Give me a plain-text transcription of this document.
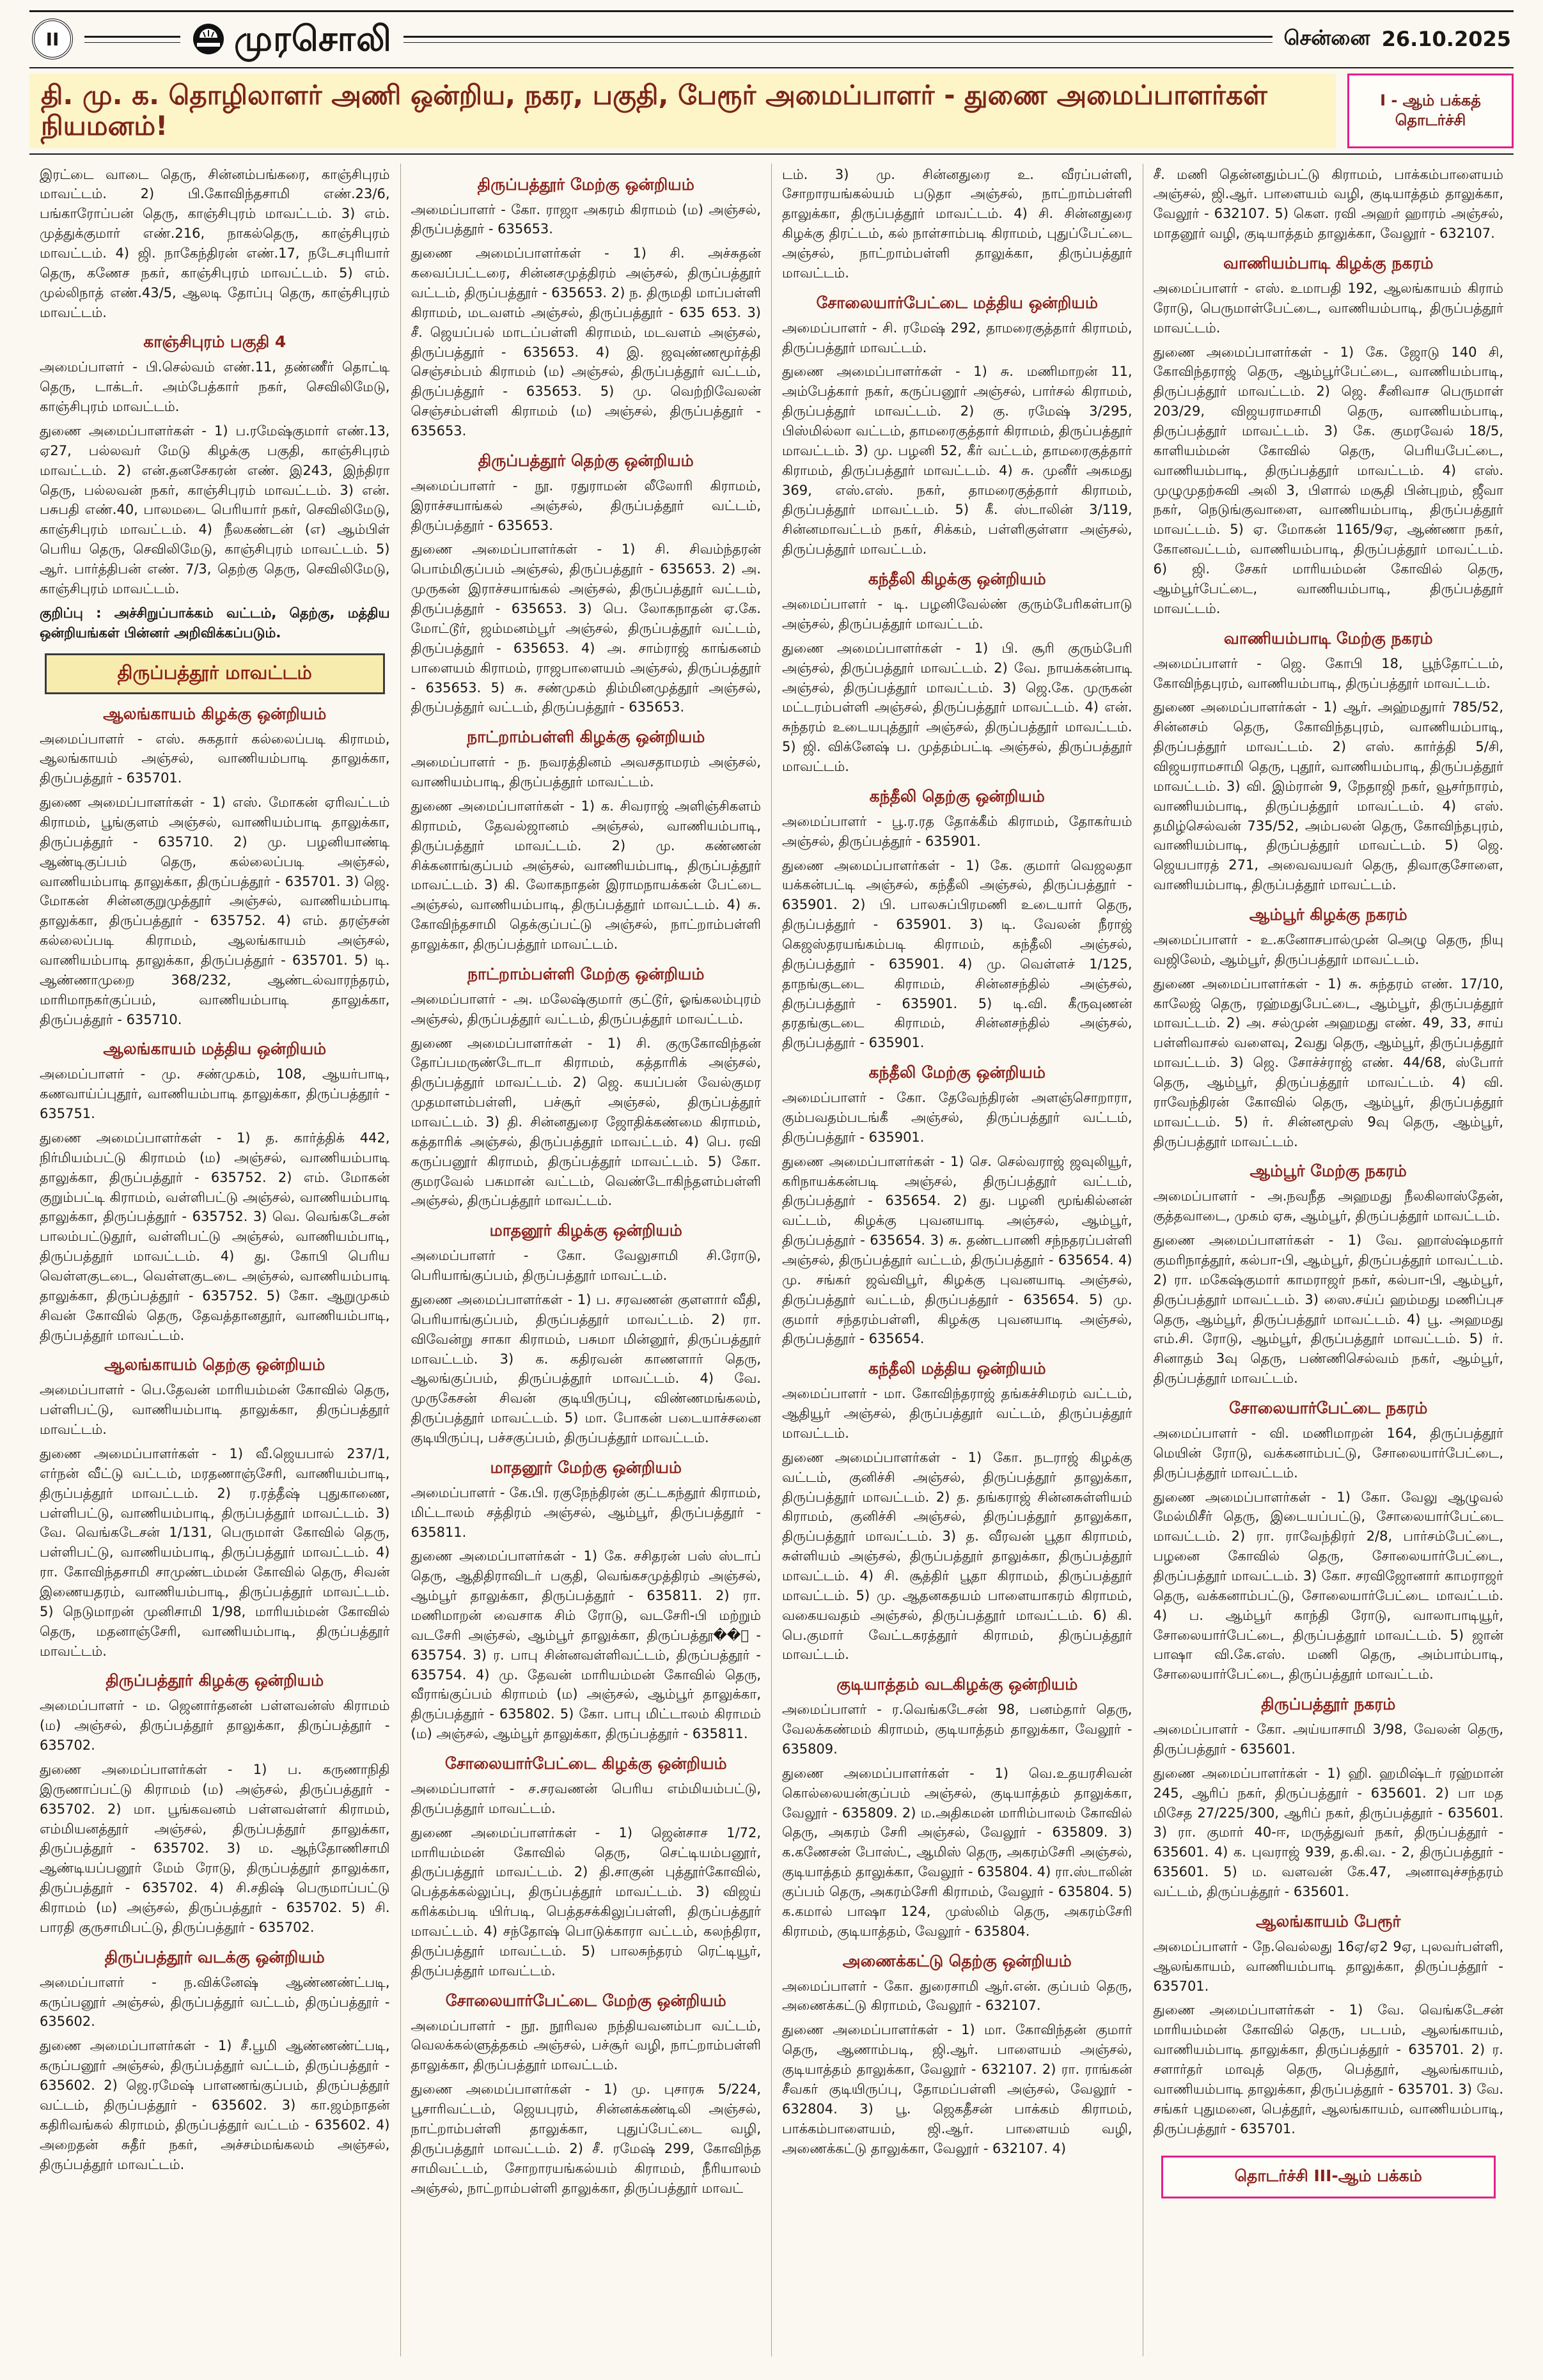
II	முரசொலி	சென்னை 26.10.2025
தி. மு. க. தொழிலாளர் அணி ஒன்றிய, நகர, பகுதி, பேரூர் அமைப்பாளர் - துணை அமைப்பாளர்கள் நியமனம்!
I - ஆம் பக்கத் தொடர்ச்சி

இரட்டை வாடை தெரு, சின்னம்பங்கரை, காஞ்சிபுரம் மாவட்டம். 2) பி.கோவிந்தசாமி எண்.23/6, பங்காரோப்பன் தெரு, காஞ்சிபுரம் மாவட்டம். 3) எம். முத்துக்குமார் எண்.216, நாகல்தெரு, காஞ்சிபுரம் மாவட்டம். 4) ஜி. நாகேந்திரன் எண்.17, நடேசபுரியார் தெரு, கணேச நகர், காஞ்சிபுரம் மாவட்டம். 5) எம். முல்லிநாத் எண்.43/5, ஆலடி தோப்பு தெரு, காஞ்சிபுரம் மாவட்டம்.

காஞ்சிபுரம் பகுதி 4

அமைப்பாளர் - பி.செல்வம் எண்.11, தண்ணீர் தொட்டி தெரு, டாக்டர். அம்பேத்கார் நகர், செவிலிமேடு, காஞ்சிபுரம் மாவட்டம்.

துணை அமைப்பாளர்கள் - 1) ப.ரமேஷ்குமார் எண்.13, ஏ27, பல்லவர் மேடு கிழக்கு பகுதி, காஞ்சிபுரம் மாவட்டம். 2) என்.தனசேகரன் எண். இ243, இந்திரா தெரு, பல்லவன் நகர், காஞ்சிபுரம் மாவட்டம். 3) என். பசுபதி எண்.40, பாலமடை பெரியார் நகர், செவிலிமேடு, காஞ்சிபுரம் மாவட்டம். 4) நீலகண்டன் (எ) ஆம்பிள் பெரிய தெரு, செவிலிமேடு, காஞ்சிபுரம் மாவட்டம். 5) ஆர். பார்த்திபன் எண். 7/3, தெற்கு தெரு, செவிலிமேடு, காஞ்சிபுரம் மாவட்டம்.

குறிப்பு : அச்சிறுப்பாக்கம் வட்டம், தெற்கு, மத்திய ஒன்றியங்கள் பின்னர் அறிவிக்கப்படும்.

திருப்பத்தூர் மாவட்டம்
ஆலங்காயம் கிழக்கு ஒன்றியம்

அமைப்பாளர் - எஸ். சுகதார் கல்லைப்படி கிராமம், ஆலங்காயம் அஞ்சல், வாணியம்பாடி தாலுக்கா, திருப்பத்தூர் - 635701.

துணை அமைப்பாளர்கள் - 1) எஸ். மோகன் ஏரிவட்டம் கிராமம், பூங்குளம் அஞ்சல், வாணியம்பாடி தாலுக்கா, திருப்பத்தூர் - 635710. 2) மு. பழனியாண்டி ஆண்டிகுப்பம் தெரு, கல்லைப்படி அஞ்சல், வாணியம்பாடி தாலுக்கா, திருப்பத்தூர் - 635701. 3) ஜெ. மோகன் சின்னகுறுமுத்தூர் அஞ்சல், வாணியம்பாடி தாலுக்கா, திருப்பத்தூர் - 635752. 4) எம். தரஞ்சன் கல்லைப்படி கிராமம், ஆலங்காயம் அஞ்சல், வாணியம்பாடி தாலுக்கா, திருப்பத்தூர் - 635701. 5) டி. ஆண்ணாமுறை 368/232, ஆண்டல்வாரந்தரம், மாரிமாநகர்குப்பம், வாணியம்பாடி தாலுக்கா, திருப்பத்தூர் - 635710.

ஆலங்காயம் மத்திய ஒன்றியம்

அமைப்பாளர் - மு. சண்முகம், 108, ஆயர்பாடி, கணவாய்ப்புதூர், வாணியம்பாடி தாலுக்கா, திருப்பத்தூர் - 635751.

துணை அமைப்பாளர்கள் - 1) த. கார்த்திக் 442, நிர்மியம்பட்டு கிராமம் (ம) அஞ்சல், வாணியம்பாடி தாலுக்கா, திருப்பத்தூர் - 635752. 2) எம். மோகன் குறும்பட்டி கிராமம், வள்ளிபட்டு அஞ்சல், வாணியம்பாடி தாலுக்கா, திருப்பத்தூர் - 635752. 3) வெ. வெங்கடேசன் பாலம்பட்டுதூர், வள்ளிபட்டு அஞ்சல், வாணியம்பாடி, திருப்பத்தூர் மாவட்டம். 4) து. கோபி பெரிய வெள்ளகுடடை, வெள்ளகுடடை அஞ்சல், வாணியம்பாடி தாலுக்கா, திருப்பத்தூர் - 635752. 5) கோ. ஆறுமுகம் சிவன் கோவில் தெரு, தேவத்தானதூர், வாணியம்பாடி, திருப்பத்தூர் மாவட்டம்.

ஆலங்காயம் தெற்கு ஒன்றியம்

அமைப்பாளர் - பெ.தேவன் மாரியம்மன் கோவில் தெரு, பள்ளிபட்டு, வாணியம்பாடி தாலுக்கா, திருப்பத்தூர் மாவட்டம்.

துணை அமைப்பாளர்கள் - 1) வீ.ஜெயபால் 237/1, எர்நன் வீட்டு வட்டம், மரதணாஞ்சேரி, வாணியம்பாடி, திருப்பத்தூர் மாவட்டம். 2) ர.ரத்தீஷ் புதுகாணை, பள்ளிபட்டு, வாணியம்பாடி, திருப்பத்தூர் மாவட்டம். 3) வே. வெங்கடேசன் 1/131, பெருமாள் கோவில் தெரு, பள்ளிபட்டு, வாணியம்பாடி, திருப்பத்தூர் மாவட்டம். 4) ரா. கோவிந்தசாமி சாமுண்டம்மன் கோவில் தெரு, சிவன் இணையதரம், வாணியம்பாடி, திருப்பத்தூர் மாவட்டம். 5) நெடுமாறன் முனிசாமி 1/98, மாரியம்மன் கோவில் தெரு, மதனாஞ்சேரி, வாணியம்பாடி, திருப்பத்தூர் மாவட்டம்.

திருப்பத்தூர் கிழக்கு ஒன்றியம்

அமைப்பாளர் - ம. ஜெனார்தனன் பள்ளவன்ஸ் கிராமம் (ம) அஞ்சல், திருப்பத்தூர் தாலுக்கா, திருப்பத்தூர் - 635702.

துணை அமைப்பாளர்கள் - 1) ப. கருணாநிதி இருணாப்பட்டு கிராமம் (ம) அஞ்சல், திருப்பத்தூர் - 635702. 2) மா. பூங்கவனம் பள்ளவள்ளர் கிராமம், எம்மியனத்தூர் அஞ்சல், திருப்பத்தூர் தாலுக்கா, திருப்பத்தூர் - 635702. 3) ம. ஆந்தோணிசாமி ஆண்டியப்பனூர் மேம் ரோடு, திருப்பத்தூர் தாலுக்கா, திருப்பத்தூர் - 635702. 4) சி.சதிஷ் பெருமாப்பட்டு கிராமம் (ம) அஞ்சல், திருப்பத்தூர் - 635702. 5) சி. பாரதி குருசாமிபட்டு, திருப்பத்தூர் - 635702.

திருப்பத்தூர் வடக்கு ஒன்றியம்

அமைப்பாளர் - ந.விக்னேஷ் ஆண்ணண்ட்படி, கருப்பனூர் அஞ்சல், திருப்பத்தூர் வட்டம், திருப்பத்தூர் - 635602.

துணை அமைப்பாளர்கள் - 1) சீ.பூமி ஆண்ணண்ட்படி, கருப்பனூர் அஞ்சல், திருப்பத்தூர் வட்டம், திருப்பத்தூர் - 635602. 2) ஜெ.ரமேஷ் பாளணங்குப்பம், திருப்பத்தூர் வட்டம், திருப்பத்தூர் - 635602. 3) கா.ஜம்நாதன் கதிரிவங்கல் கிராமம், திருப்பத்தூர் வட்டம் - 635602. 4) அறைதன் சுதீர் நகர், அச்சம்மங்கலம் அஞ்சல், திருப்பத்தூர் மாவட்டம்.

திருப்பத்தூர் மேற்கு ஒன்றியம்

அமைப்பாளர் - கோ. ராஜா அகரம் கிராமம் (ம) அஞ்சல், திருப்பத்தூர் - 635653.

துணை அமைப்பாளர்கள் - 1) சி. அச்சுதன் கவைப்பட்டரை, சின்னசமுத்திரம் அஞ்சல், திருப்பத்தூர் வட்டம், திருப்பத்தூர் - 635653. 2) ந. திருமதி மாப்பள்ளி கிராமம், மடவளம் அஞ்சல், திருப்பத்தூர் - 635 653. 3) சீ. ஜெயப்பல் மாடப்பள்ளி கிராமம், மடவளம் அஞ்சல், திருப்பத்தூர் - 635653. 4) இ. ஜவுண்ணமூர்த்தி செஞ்சம்பம் கிராமம் (ம) அஞ்சல், திருப்பத்தூர் வட்டம், திருப்பத்தூர் - 635653. 5) மு. வெற்றிவேலன் செஞ்சம்பள்ளி கிராமம் (ம) அஞ்சல், திருப்பத்தூர் - 635653.

திருப்பத்தூர் தெற்கு ஒன்றியம்

அமைப்பாளர் - நூ. ரதுராமன் லீலோரி கிராமம், இராச்சயாங்கல் அஞ்சல், திருப்பத்தூர் வட்டம், திருப்பத்தூர் - 635653.

துணை அமைப்பாளர்கள் - 1) சி. சிவம்ந்தரன் பொம்மிகுப்பம் அஞ்சல், திருப்பத்தூர் - 635653. 2) அ. முருகன் இராச்சயாங்கல் அஞ்சல், திருப்பத்தூர் வட்டம், திருப்பத்தூர் - 635653. 3) பெ. லோகநாதன் ஏ.கே. மோட்டூர், ஜம்மனம்பூர் அஞ்சல், திருப்பத்தூர் வட்டம், திருப்பத்தூர் - 635653. 4) அ. சாம்ராஜ் காங்கனம் பாளையம் கிராமம், ராஜபாளையம் அஞ்சல், திருப்பத்தூர் - 635653. 5) சு. சண்முகம் திம்மினமுத்தூர் அஞ்சல், திருப்பத்தூர் வட்டம், திருப்பத்தூர் - 635653.

நாட்றாம்பள்ளி கிழக்கு ஒன்றியம்

அமைப்பாளர் - ந. நவரத்தினம் அவசதாமரம் அஞ்சல், வாணியம்பாடி, திருப்பத்தூர் மாவட்டம்.

துணை அமைப்பாளர்கள் - 1) க. சிவராஜ் அளிஞ்சிகளம் கிராமம், தேவல்ஜானம் அஞ்சல், வாணியம்பாடி, திருப்பத்தூர் மாவட்டம். 2) மு. கண்ணன் சிக்கனாங்குப்பம் அஞ்சல், வாணியம்பாடி, திருப்பத்தூர் மாவட்டம். 3) கி. லோகநாதன் இராமநாயக்கன் பேட்டை அஞ்சல், வாணியம்பாடி, திருப்பத்தூர் மாவட்டம். 4) சு. கோவிந்தசாமி தெக்குப்பட்டு அஞ்சல், நாட்றாம்பள்ளி தாலுக்கா, திருப்பத்தூர் மாவட்டம்.

நாட்றாம்பள்ளி மேற்கு ஒன்றியம்

அமைப்பாளர் - அ. மலேஷ்குமார் குட்டூர், ஓங்கலம்புரம் அஞ்சல், திருப்பத்தூர் வட்டம், திருப்பத்தூர் மாவட்டம்.

துணை அமைப்பாளர்கள் - 1) சி. குருகோவிந்தன் தோப்பமருண்டோடா கிராமம், கத்தாரிக் அஞ்சல், திருப்பத்தூர் மாவட்டம். 2) ஜெ. கயப்பன் வேல்குமர முதமாளம்பள்ளி, பச்சூர் அஞ்சல், திருப்பத்தூர் மாவட்டம். 3) தி. சின்னதுரை ஜோதிக்கண்மை கிராமம், கத்தாரிக் அஞ்சல், திருப்பத்தூர் மாவட்டம். 4) பெ. ரவி கருப்பனூர் கிராமம், திருப்பத்தூர் மாவட்டம். 5) கோ. குமரவேல் பசுமான் வட்டம், வெண்டோகிந்தளம்பள்ளி அஞ்சல், திருப்பத்தூர் மாவட்டம்.

மாதனூர் கிழக்கு ஒன்றியம்

அமைப்பாளர் - கோ. வேலுசாமி சி.ரோடு, பெரியாங்குப்பம், திருப்பத்தூர் மாவட்டம்.

துணை அமைப்பாளர்கள் - 1) ப. சரவணன் குளளார் வீதி, பெரியாங்குப்பம், திருப்பத்தூர் மாவட்டம். 2) ரா. விவேன்று சாகா கிராமம், பசுமா மின்னூர், திருப்பத்தூர் மாவட்டம். 3) க. கதிரவன் காணளார் தெரு, ஆலங்குப்பம், திருப்பத்தூர் மாவட்டம். 4) வே. முருகேசன் சிவன் குடியிருப்பு, விண்ணமங்கலம், திருப்பத்தூர் மாவட்டம். 5) மா. போகன் படையாச்சனை குடியிருப்பு, பச்சகுப்பம், திருப்பத்தூர் மாவட்டம்.

மாதனூர் மேற்கு ஒன்றியம்

அமைப்பாளர் - கே.பி. ரகுநேந்திரன் குட்டகந்தூர் கிராமம், மிட்டாலம் சத்திரம் அஞ்சல், ஆம்பூர், திருப்பத்தூர் - 635811.

துணை அமைப்பாளர்கள் - 1) கே. சசிதரன் பஸ் ஸ்டாப் தெரு, ஆதிதிராவிடர் பகுதி, வெங்கசமுத்திரம் அஞ்சல், ஆம்பூர் தாலுக்கா, திருப்பத்தூர் - 635811. 2) ரா. மணிமாறன் வைசாக சிம் ரோடு, வடசேரி-பி மற்றும் வடசேரி அஞ்சல், ஆம்பூர் தாலுக்கா, திருப்பத்தூ��் - 635754. 3) ர. பாபு சின்னவள்ளிவட்டம், திருப்பத்தூர் - 635754. 4) மு. தேவன் மாரியம்மன் கோவில் தெரு, வீராங்குப்பம் கிராமம் (ம) அஞ்சல், ஆம்பூர் தாலுக்கா, திருப்பத்தூர் - 635802. 5) கோ. பாபு மிட்டாலம் கிராமம் (ம) அஞ்சல், ஆம்பூர் தாலுக்கா, திருப்பத்தூர் - 635811.

சோலையார்பேட்டை கிழக்கு ஒன்றியம்

அமைப்பாளர் - ச.சரவணன் பெரிய எம்மியம்பட்டு, திருப்பத்தூர் மாவட்டம்.

துணை அமைப்பாளர்கள் - 1) ஜென்சாச 1/72, மாரியம்மன் கோவில் தெரு, செட்டியம்பனூர், திருப்பத்தூர் மாவட்டம். 2) தி.சாகுன் புத்தூர்கோவில், பெத்தக்கல்லுப்பு, திருப்பத்தூர் மாவட்டம். 3) விஜய் கரிக்கம்படி யிர்படி, பெத்தசக்கிலுப்பள்ளி, திருப்பத்தூர் மாவட்டம். 4) சந்தோஷ் பொடுக்காரா வட்டம், கலந்திரா, திருப்பத்தூர் மாவட்டம். 5) பாலசுந்தரம் ரெட்டியூர், திருப்பத்தூர் மாவட்டம்.

சோலையார்பேட்டை மேற்கு ஒன்றியம்

அமைப்பாளர் - நூ. நூரிவல நந்தியவனம்பா வட்டம், வெலக்கல்ளுத்தகம் அஞ்சல், பச்சூர் வழி, நாட்றாம்பள்ளி தாலுக்கா, திருப்பத்தூர் மாவட்டம்.

துணை அமைப்பாளர்கள் - 1) மு. புசாரசு 5/224, பூசாரிவட்டம், ஜெயபுரம், சின்னக்கண்டிலி அஞ்சல், நாட்றாம்பள்ளி தாலுக்கா, புதுப்பேட்டை வழி, திருப்பத்தூர் மாவட்டம். 2) சீ. ரமேஷ் 299, கோவிந்த சாமிவட்டம், சோறாரயங்கல்யம் கிராமம், நீரியாலம் அஞ்சல், நாட்றாம்பள்ளி தாலுக்கா, திருப்பத்தூர் மாவட்

டம். 3) மு. சின்னதுரை உ. வீரப்பள்ளி, சோறாரயங்கல்யம் படுதா அஞ்சல், நாட்றாம்பள்ளி தாலுக்கா, திருப்பத்தூர் மாவட்டம். 4) சி. சின்னதுரை கிழக்கு திரட்டம், கல் நாள்சாம்படி கிராமம், புதுப்பேட்டை அஞ்சல், நாட்றாம்பள்ளி தாலுக்கா, திருப்பத்தூர் மாவட்டம்.

சோலையார்பேட்டை மத்திய ஒன்றியம்

அமைப்பாளர் - சி. ரமேஷ் 292, தாமரைகுத்தார் கிராமம், திருப்பத்தூர் மாவட்டம்.

துணை அமைப்பாளர்கள் - 1) சு. மணிமாறன் 11, அம்பேத்கார் நகர், கருப்பனூர் அஞ்சல், பார்சல் கிராமம், திருப்பத்தூர் மாவட்டம். 2) கு. ரமேஷ் 3/295, பிஸ்மில்லா வட்டம், தாமரைகுத்தார் கிராமம், திருப்பத்தூர் மாவட்டம். 3) மு. பழனி 52, கீர் வட்டம், தாமரைகுத்தார் கிராமம், திருப்பத்தூர் மாவட்டம். 4) சு. முனீர் அகமது 369, எஸ்.எஸ். நகர், தாமரைகுத்தார் கிராமம், திருப்பத்தூர் மாவட்டம். 5) கீ. ஸ்டாலின் 3/119, சின்னமாவட்டம் நகர், சிக்கம், பள்ளிகுள்ளா அஞ்சல், திருப்பத்தூர் மாவட்டம்.

கந்தீலி கிழக்கு ஒன்றியம்

அமைப்பாளர் - டி. பழனிவேல்ண் குரும்பேரிகள்பாடு அஞ்சல், திருப்பத்தூர் மாவட்டம்.

துணை அமைப்பாளர்கள் - 1) பி. சூரி குரும்பேரி அஞ்சல், திருப்பத்தூர் மாவட்டம். 2) வே. நாயக்கன்பாடி அஞ்சல், திருப்பத்தூர் மாவட்டம். 3) ஜெ.கே. முருகன் மட்டரம்பள்ளி அஞ்சல், திருப்பத்தூர் மாவட்டம். 4) என். சுந்தரம் உடையபுத்தூர் அஞ்சல், திருப்பத்தூர் மாவட்டம். 5) ஜி. விக்னேஷ் ப. முத்தம்பட்டி அஞ்சல், திருப்பத்தூர் மாவட்டம்.

கந்தீலி தெற்கு ஒன்றியம்

அமைப்பாளர் - பூ.ர.ரத தோக்கீம் கிராமம், தோகர்யம் அஞ்சல், திருப்பத்தூர் - 635901.

துணை அமைப்பாளர்கள் - 1) கே. குமார் வெஜலதா யக்கன்பட்டி அஞ்சல், கந்தீலி அஞ்சல், திருப்பத்தூர் - 635901. 2) பி. பாலசுப்பிரமணி உடையார் தெரு, திருப்பத்தூர் - 635901. 3) டி. வேலன் நீராஜ் கெஜஸ்தரயங்கம்படி கிராமம், கந்தீலி அஞ்சல், திருப்பத்தூர் - 635901. 4) மு. வெள்ளச் 1/125, தாநங்குடடை கிராமம், சின்னசந்தில் அஞ்சல், திருப்பத்தூர் - 635901. 5) டி.வி. கீருவுணன் தரதங்குடடை கிராமம், சின்னசந்தில் அஞ்சல், திருப்பத்தூர் - 635901.

கந்தீலி மேற்கு ஒன்றியம்

அமைப்பாளர் - கோ. தேவேந்திரன் அளஞ்சொறாரா, கும்பவதம்படங்கீ அஞ்சல், திருப்பத்தூர் வட்டம், திருப்பத்தூர் - 635901.

துணை அமைப்பாளர்கள் - 1) செ. செல்வராஜ் ஜவுலியூர், கரிநாயக்கன்படி அஞ்சல், திருப்பத்தூர் வட்டம், திருப்பத்தூர் - 635654. 2) து. பழனி மூங்கில்னன் வட்டம், கிழக்கு புவனயாடி அஞ்சல், ஆம்பூர், திருப்பத்தூர் - 635654. 3) சு. தண்டபாணி சந்நதரப்பள்ளி அஞ்சல், திருப்பத்தூர் வட்டம், திருப்பத்தூர் - 635654. 4) மு. சங்கர் ஜவ்விபூர், கிழக்கு புவனயாடி அஞ்சல், திருப்பத்தூர் வட்டம், திருப்பத்தூர் - 635654. 5) மு. குமார் சந்தரம்பள்ளி, கிழக்கு புவனயாடி அஞ்சல், திருப்பத்தூர் - 635654.

கந்தீலி மத்திய ஒன்றியம்

அமைப்பாளர் - மா. கோவிந்தராஜ் தங்கச்சிமரம் வட்டம், ஆதியூர் அஞ்சல், திருப்பத்தூர் வட்டம், திருப்பத்தூர் மாவட்டம்.

துணை அமைப்பாளர்கள் - 1) கோ. நடராஜ் கிழக்கு வட்டம், குனிச்சி அஞ்சல், திருப்பத்தூர் தாலுக்கா, திருப்பத்தூர் மாவட்டம். 2) த. தங்கராஜ் சின்னசுள்ளியம் கிராமம், குனிச்சி அஞ்சல், திருப்பத்தூர் தாலுக்கா, திருப்பத்தூர் மாவட்டம். 3) த. வீரவன் பூதா கிராமம், சுள்ளியம் அஞ்சல், திருப்பத்தூர் தாலுக்கா, திருப்பத்தூர் மாவட்டம். 4) சி. சூத்திர் பூதா கிராமம், திருப்பத்தூர் மாவட்டம். 5) மு. ஆதனகதயம் பாளையாகரம் கிராமம், வகையவதம் அஞ்சல், திருப்பத்தூர் மாவட்டம். 6) கி. பெ.குமார் வேட்டகரத்தூர் கிராமம், திருப்பத்தூர் மாவட்டம்.

குடியாத்தம் வடகிழக்கு ஒன்றியம்

அமைப்பாளர் - ர.வெங்கடேசன் 98, பனம்தார் தெரு, வேலக்கண்மம் கிராமம், குடியாத்தம் தாலுக்கா, வேலூர் - 635809.

துணை அமைப்பாளர்கள் - 1) வெ.உதயரசிவன் கொல்லையன்குப்பம் அஞ்சல், குடியாத்தம் தாலுக்கா, வேலூர் - 635809. 2) ம.அதிகமன் மாரிம்பாலம் கோவில் தெரு, அகரம் சேரி அஞ்சல், வேலூர் - 635809. 3) க.கணேசன் போஸ்ட், ஆமிஸ் தெரு, அகரம்சேரி அஞ்சல், குடியாத்தம் தாலுக்கா, வேலூர் - 635804. 4) ரா.ஸ்டாலின் குப்பம் தெரு, அகரம்சேரி கிராமம், வேலூர் - 635804. 5) க.கமால் பாஷா 124, முஸ்லிம் தெரு, அகரம்சேரி கிராமம், குடியாத்தம், வேலூர் - 635804.

அணைக்கட்டு தெற்கு ஒன்றியம்

அமைப்பாளர் - கோ. துரைசாமி ஆர்.என். குப்பம் தெரு, அணைக்கட்டு கிராமம், வேலூர் - 632107.

துணை அமைப்பாளர்கள் - 1) மா. கோவிந்தன் குமார் தெரு, ஆணாம்படி, ஜி.ஆர். பாளையம் அஞ்சல், குடியாத்தம் தாலுக்கா, வேலூர் - 632107. 2) ரா. ராங்கன் சீவகர் குடியிருப்பு, தோமப்பள்ளி அஞ்சல், வேலூர் - 632804. 3) பூ. ஜெகதீசன் பாக்கம் கிராமம், பாக்கம்பாளையம், ஜி.ஆர். பாளையம் வழி, அணைக்கட்டு தாலுக்கா, வேலூர் - 632107. 4)

சீ. மணி தென்னதும்பட்டு கிராமம், பாக்கம்பாளையம் அஞ்சல், ஜி.ஆர். பாளையம் வழி, குடியாத்தம் தாலுக்கா, வேலூர் - 632107. 5) கௌ. ரவி அஹர் ஹாரம் அஞ்சல், மாதனூர் வழி, குடியாத்தம் தாலுக்கா, வேலூர் - 632107.

வாணியம்பாடி கிழக்கு நகரம்

அமைப்பாளர் - எஸ். உமாபதி 192, ஆலங்காயம் கிராம் ரோடு, பெருமாள்பேட்டை, வாணியம்பாடி, திருப்பத்தூர் மாவட்டம்.

துணை அமைப்பாளர்கள் - 1) கே. ஜோடு 140 சி, கோவிந்தராஜ் தெரு, ஆம்பூர்பேட்டை, வாணியம்பாடி, திருப்பத்தூர் மாவட்டம். 2) ஜெ. சீனிவாச பெருமாள் 203/29, விஜயராமசாமி தெரு, வாணியம்பாடி, திருப்பத்தூர் மாவட்டம். 3) கே. குமரவேல் 18/5, காளியம்மன் கோவில் தெரு, பெரியபேட்டை, வாணியம்பாடி, திருப்பத்தூர் மாவட்டம். 4) எஸ். முழுமுதற்சுவி அலி 3, பிளால் மசூதி பின்புறம், ஜீவா நகர், நெடுங்குவாளை, வாணியம்பாடி, திருப்பத்தூர் மாவட்டம். 5) ஏ. மோகன் 1165/9ஏ, ஆண்ணா நகர், கோனவட்டம், வாணியம்பாடி, திருப்பத்தூர் மாவட்டம். 6) ஜி. சேகர் மாரியம்மன் கோவில் தெரு, ஆம்பூர்பேட்டை, வாணியம்பாடி, திருப்பத்தூர் மாவட்டம்.

வாணியம்பாடி மேற்கு நகரம்

அமைப்பாளர் - ஜெ. கோபி 18, பூந்தோட்டம், கோவிந்தபுரம், வாணியம்பாடி, திருப்பத்தூர் மாவட்டம்.

துணை அமைப்பாளர்கள் - 1) ஆர். அஹ்மதுார் 785/52, சின்னசம் தெரு, கோவிந்தபுரம், வாணியம்பாடி, திருப்பத்தூர் மாவட்டம். 2) எஸ். கார்த்தி 5/சி, விஜயராமசாமி தெரு, புதூர், வாணியம்பாடி, திருப்பத்தூர் மாவட்டம். 3) வி. இம்ரான் 9, நேதாஜி நகர், வூசர்நாரம், வாணியம்பாடி, திருப்பத்தூர் மாவட்டம். 4) எஸ். தமிழ்செல்வன் 735/52, அம்பலன் தெரு, கோவிந்தபுரம், வாணியம்பாடி, திருப்பத்தூர் மாவட்டம். 5) ஜெ. ஜெயபாரத் 271, அவைவயவர் தெரு, திவாகுசோளை, வாணியம்பாடி, திருப்பத்தூர் மாவட்டம்.

ஆம்பூர் கிழக்கு நகரம்

அமைப்பாளர் - உ.கனோசபால்முன் அெழு தெரு, நியு வஜிலேம், ஆம்பூர், திருப்பத்தூர் மாவட்டம்.

துணை அமைப்பாளர்கள் - 1) சு. சுந்தரம் எண். 17/10, காலேஜ் தெரு, ரஹ்மதுபேட்டை, ஆம்பூர், திருப்பத்தூர் மாவட்டம். 2) அ. சல்முன் அஹமது எண். 49, 33, சாய் பள்ளிவாசல் வளைவு, 2வது தெரு, ஆம்பூர், திருப்பத்தூர் மாவட்டம். 3) ஜெ. சோச்ச்ராஜ் எண். 44/68, ஸ்போர் தெரு, ஆம்பூர், திருப்பத்தூர் மாவட்டம். 4) வி. ராவேந்திரன் கோவில் தெரு, ஆம்பூர், திருப்பத்தூர் மாவட்டம். 5) ர். சின்னமூஸ் 9வு தெரு, ஆம்பூர், திருப்பத்தூர் மாவட்டம்.

ஆம்பூர் மேற்கு நகரம்

அமைப்பாளர் - அ.நவநீத அஹமது நீலகிலாஸ்தேன், குத்தவாடை, முகம் ஏசு, ஆம்பூர், திருப்பத்தூர் மாவட்டம்.

துணை அமைப்பாளர்கள் - 1) வே. ஹாஸ்ஷ்மதார் குமரிநாத்தூர், கல்பா-பி, ஆம்பூர், திருப்பத்தூர் மாவட்டம். 2) ரா. மகேஷ்குமார் காமராஜர் நகர், கல்பா-பி, ஆம்பூர், திருப்பத்தூர் மாவட்டம். 3) ஸை.சய்ப் ஹம்மது மணிப்புச தெரு, ஆம்பூர், திருப்பத்தூர் மாவட்டம். 4) பூ. அஹமது எம்.சி. ரோடு, ஆம்பூர், திருப்பத்தூர் மாவட்டம். 5) ர். சினாதம் 3வு தெரு, பண்ணிசெல்வம் நகர், ஆம்பூர், திருப்பத்தூர் மாவட்டம்.

சோலையார்பேட்டை நகரம்

அமைப்பாளர் - வி. மணிமாறன் 164, திருப்பத்தூர் மெயின் ரோடு, வக்கனாம்பட்டு, சோலையார்பேட்டை, திருப்பத்தூர் மாவட்டம்.

துணை அமைப்பாளர்கள் - 1) கோ. வேலு ஆழுவல் மேல்மிசீர் தெரு, இடையப்பட்டு, சோலையார்பேட்டை மாவட்டம். 2) ரா. ராவேந்திரர் 2/8, பார்சம்பேட்டை, பழனை கோவில் தெரு, சோலையார்பேட்டை, திருப்பத்தூர் மாவட்டம். 3) கோ. சரவிஜோனார் காமராஜர் தெரு, வக்கனாம்பட்டு, சோலையார்பேட்டை மாவட்டம். 4) ப. ஆம்பூர் காந்தி ரோடு, வாலாபாடியூர், சோலையார்பேட்டை, திருப்பத்தூர் மாவட்டம். 5) ஜான் பாஷா வி.கே.எஸ். மணி தெரு, அம்பாம்பாடி, சோலையார்பேட்டை, திருப்பத்தூர் மாவட்டம்.

திருப்பத்தூர் நகரம்

அமைப்பாளர் - கோ. அய்யாசாமி 3/98, வேலன் தெரு, திருப்பத்தூர் - 635601.

துணை அமைப்பாளர்கள் - 1) ஹி. ஹமிஷ்டர் ரஹ்மான் 245, ஆரிப் நகர், திருப்பத்தூர் - 635601. 2) பா மத மிசேத 27/225/300, ஆரிப் நகர், திருப்பத்தூர் - 635601. 3) ரா. குமார் 40-ஈ, மருத்துவர் நகர், திருப்பத்தூர் - 635601. 4) க. புவராஜ் 939, த.கி.வ. - 2, திருப்பத்தூர் - 635601. 5) ம. வளவன் கே.47, அனாவுச்சந்தரம் வட்டம், திருப்பத்தூர் - 635601.

ஆலங்காயம் பேரூர்

அமைப்பாளர் - நே.வெல்லது 16ஏ/ஏ2 9ஏ, புலவர்பள்ளி, ஆலங்காயம், வாணியம்பாடி தாலுக்கா, திருப்பத்தூர் - 635701.

துணை அமைப்பாளர்கள் - 1) வே. வெங்கடேசன் மாரியம்மன் கோவில் தெரு, படபம், ஆலங்காயம், வாணியம்பாடி தாலுக்கா, திருப்பத்தூர் - 635701. 2) ர. சளார்தர் மாவுத் தெரு, பெத்தூர், ஆலங்காயம், வாணியம்பாடி தாலுக்கா, திருப்பத்தூர் - 635701. 3) வே. சங்கர் புதுமனை, பெத்தூர், ஆலங்காயம், வாணியம்பாடி, திருப்பத்தூர் - 635701.

தொடர்ச்சி III-ஆம் பக்கம்
